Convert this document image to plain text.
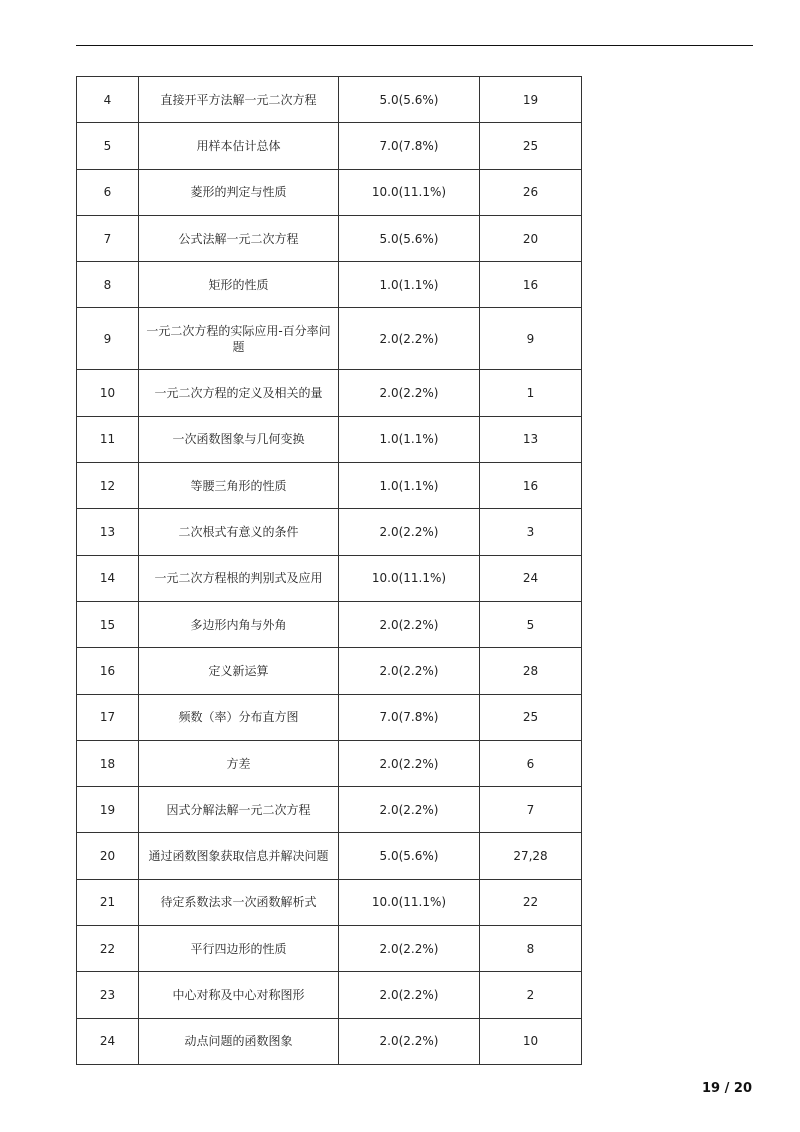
4	直接开平方法解一元二次方程	5.0(5.6%)	19
5	用样本估计总体	7.0(7.8%)	25
6	菱形的判定与性质	10.0(11.1%)	26
7	公式法解一元二次方程	5.0(5.6%)	20
8	矩形的性质	1.0(1.1%)	16
9	一元二次方程的实际应用-百分率问题	2.0(2.2%)	9
10	一元二次方程的定义及相关的量	2.0(2.2%)	1
11	一次函数图象与几何变换	1.0(1.1%)	13
12	等腰三角形的性质	1.0(1.1%)	16
13	二次根式有意义的条件	2.0(2.2%)	3
14	一元二次方程根的判别式及应用	10.0(11.1%)	24
15	多边形内角与外角	2.0(2.2%)	5
16	定义新运算	2.0(2.2%)	28
17	频数（率）分布直方图	7.0(7.8%)	25
18	方差	2.0(2.2%)	6
19	因式分解法解一元二次方程	2.0(2.2%)	7
20	通过函数图象获取信息并解决问题	5.0(5.6%)	27,28
21	待定系数法求一次函数解析式	10.0(11.1%)	22
22	平行四边形的性质	2.0(2.2%)	8
23	中心对称及中心对称图形	2.0(2.2%)	2
24	动点问题的函数图象	2.0(2.2%)	10
19 / 20
